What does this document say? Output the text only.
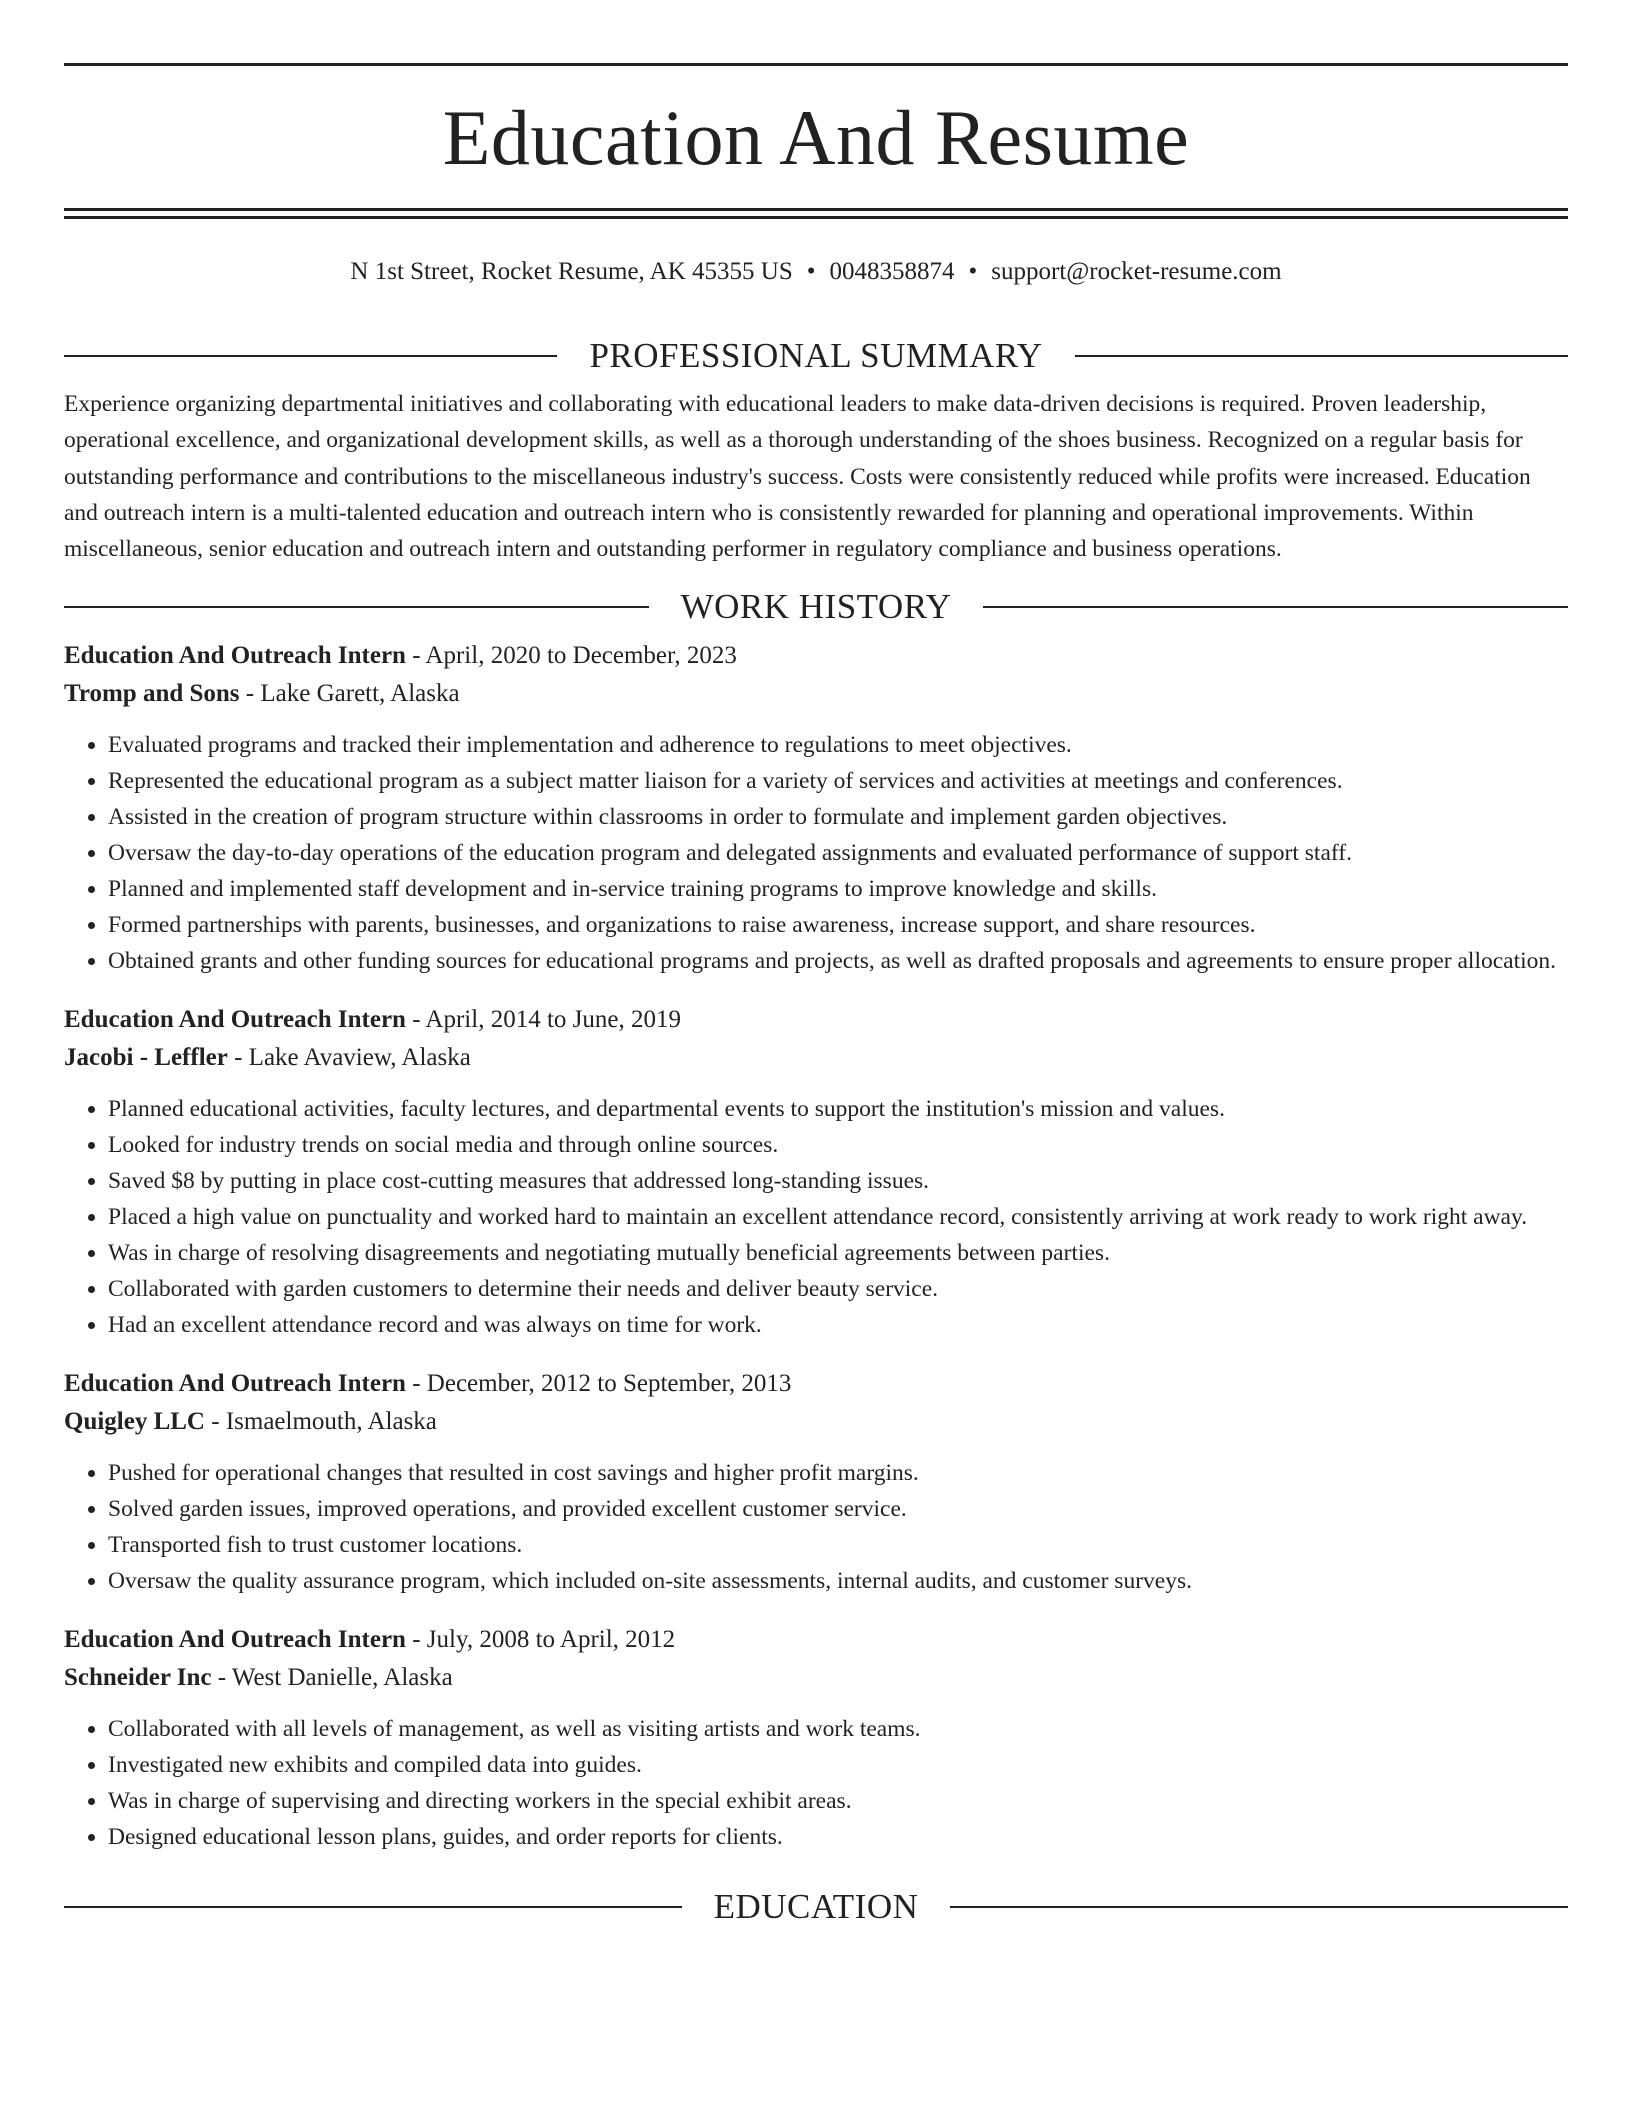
Education And Resume
N 1st Street, Rocket Resume, AK 45355 US • 0048358874 • support@rocket-resume.com
PROFESSIONAL SUMMARY

Experience organizing departmental initiatives and collaborating with educational leaders to make data-driven decisions is required. Proven leadership, operational excellence, and organizational development skills, as well as a thorough understanding of the shoes business. Recognized on a regular basis for outstanding performance and contributions to the miscellaneous industry's success. Costs were consistently reduced while profits were increased. Education and outreach intern is a multi-talented education and outreach intern who is consistently rewarded for planning and operational improvements. Within miscellaneous, senior education and outreach intern and outstanding performer in regulatory compliance and business operations.

WORK HISTORY
Education And Outreach Intern - April, 2020 to December, 2023
Tromp and Sons - Lake Garett, Alaska
• Evaluated programs and tracked their implementation and adherence to regulations to meet objectives.
• Represented the educational program as a subject matter liaison for a variety of services and activities at meetings and conferences.
• Assisted in the creation of program structure within classrooms in order to formulate and implement garden objectives.
• Oversaw the day-to-day operations of the education program and delegated assignments and evaluated performance of support staff.
• Planned and implemented staff development and in-service training programs to improve knowledge and skills.
• Formed partnerships with parents, businesses, and organizations to raise awareness, increase support, and share resources.
• Obtained grants and other funding sources for educational programs and projects, as well as drafted proposals and agreements to ensure proper allocation.
Education And Outreach Intern - April, 2014 to June, 2019
Jacobi - Leffler - Lake Avaview, Alaska
• Planned educational activities, faculty lectures, and departmental events to support the institution's mission and values.
• Looked for industry trends on social media and through online sources.
• Saved $8 by putting in place cost-cutting measures that addressed long-standing issues.
• Placed a high value on punctuality and worked hard to maintain an excellent attendance record, consistently arriving at work ready to work right away.
• Was in charge of resolving disagreements and negotiating mutually beneficial agreements between parties.
• Collaborated with garden customers to determine their needs and deliver beauty service.
• Had an excellent attendance record and was always on time for work.
Education And Outreach Intern - December, 2012 to September, 2013
Quigley LLC - Ismaelmouth, Alaska
• Pushed for operational changes that resulted in cost savings and higher profit margins.
• Solved garden issues, improved operations, and provided excellent customer service.
• Transported fish to trust customer locations.
• Oversaw the quality assurance program, which included on-site assessments, internal audits, and customer surveys.
Education And Outreach Intern - July, 2008 to April, 2012
Schneider Inc - West Danielle, Alaska
• Collaborated with all levels of management, as well as visiting artists and work teams.
• Investigated new exhibits and compiled data into guides.
• Was in charge of supervising and directing workers in the special exhibit areas.
• Designed educational lesson plans, guides, and order reports for clients.
EDUCATION
